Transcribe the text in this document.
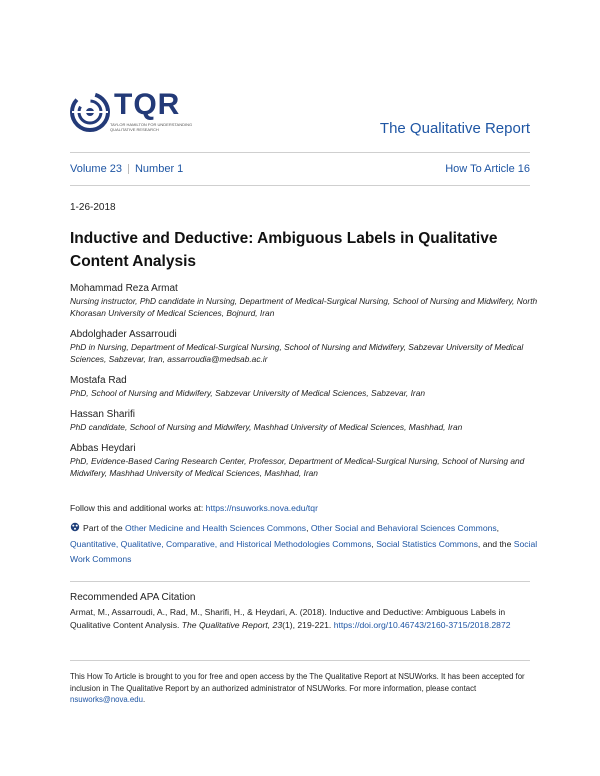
TQR
TAYLOR HAMILTON FOR UNDERSTANDING QUALITATIVE RESEARCH	The Qualitative Report
Volume 23 Number 1	How To Article 16
1-26-2018
Inductive and Deductive: Ambiguous Labels in Qualitative Content Analysis
Mohammad Reza Armat
Nursing instructor, PhD candidate in Nursing, Department of Medical-Surgical Nursing, School of Nursing and Midwifery, North Khorasan University of Medical Sciences, Bojnurd, Iran
Abdolghader Assarroudi
PhD in Nursing, Department of Medical-Surgical Nursing, School of Nursing and Midwifery, Sabzevar University of Medical Sciences, Sabzevar, Iran, assarroudia@medsab.ac.ir
Mostafa Rad
PhD, School of Nursing and Midwifery, Sabzevar University of Medical Sciences, Sabzevar, Iran
Hassan Sharifi
PhD candidate, School of Nursing and Midwifery, Mashhad University of Medical Sciences, Mashhad, Iran
Abbas Heydari
PhD, Evidence-Based Caring Research Center, Professor, Department of Medical-Surgical Nursing, School of Nursing and Midwifery, Mashhad University of Medical Sciences, Mashhad, Iran
Follow this and additional works at: https://nsuworks.nova.edu/tqr
Part of the Other Medicine and Health Sciences Commons, Other Social and Behavioral Sciences Commons, Quantitative, Qualitative, Comparative, and Historical Methodologies Commons, Social Statistics Commons, and the Social Work Commons
Recommended APA Citation
Armat, M., Assarroudi, A., Rad, M., Sharifi, H., & Heydari, A. (2018). Inductive and Deductive: Ambiguous Labels in Qualitative Content Analysis. The Qualitative Report, 23(1), 219-221. https://doi.org/10.46743/2160-3715/2018.2872
This How To Article is brought to you for free and open access by the The Qualitative Report at NSUWorks. It has been accepted for inclusion in The Qualitative Report by an authorized administrator of NSUWorks. For more information, please contact nsuworks@nova.edu.
